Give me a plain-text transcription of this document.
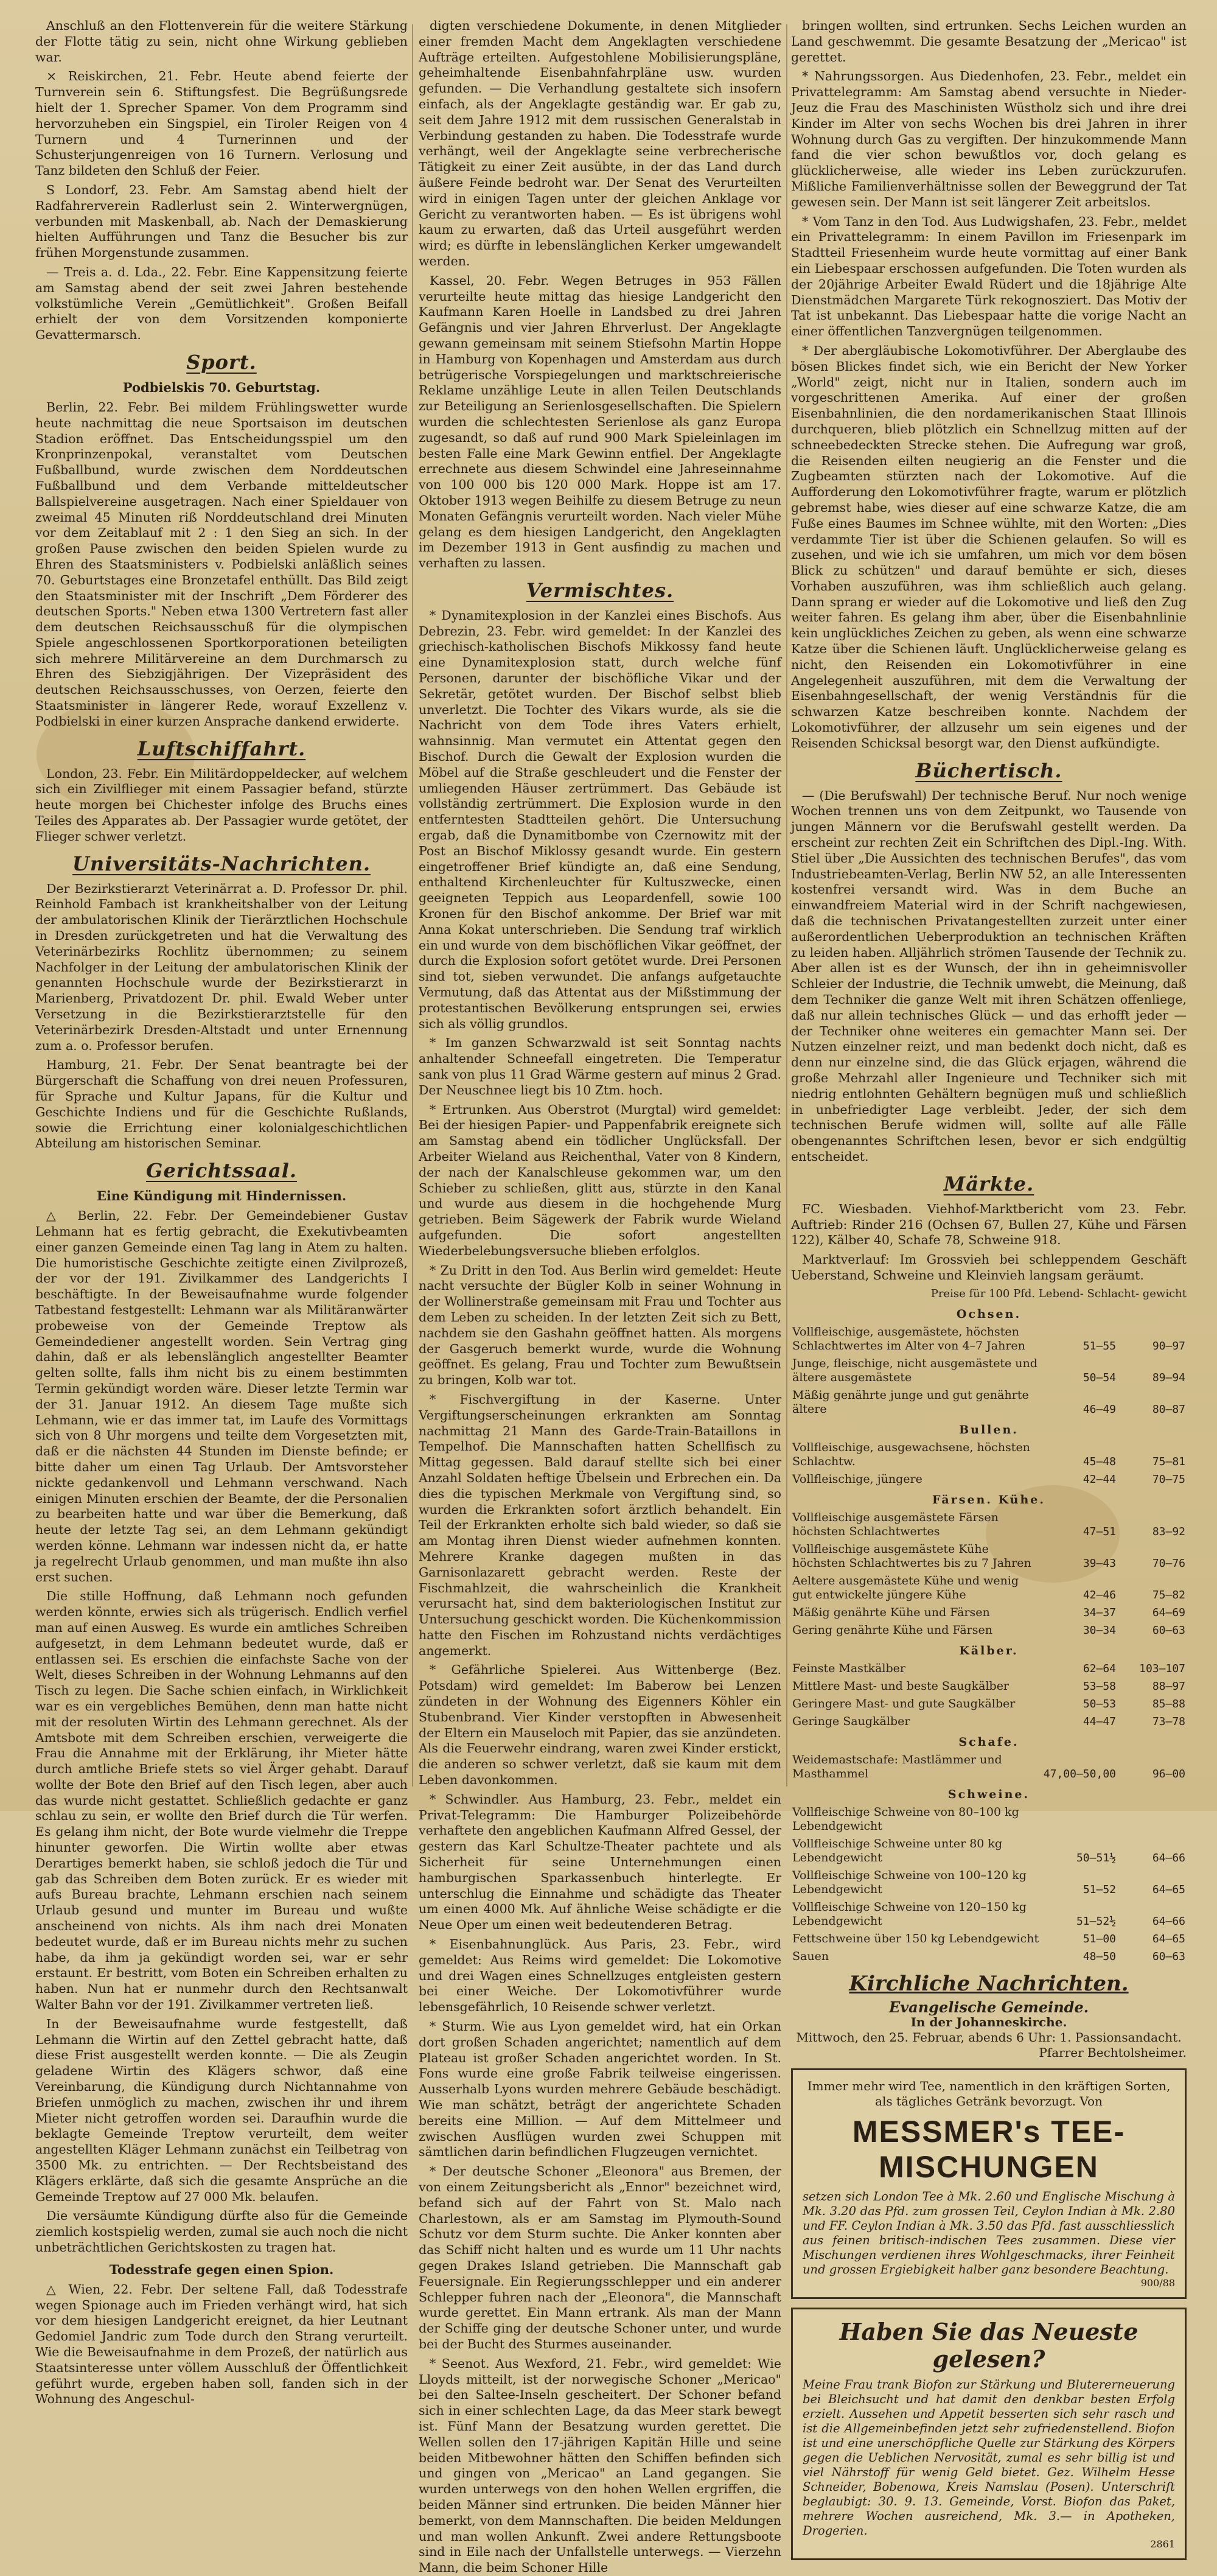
Anschluß an den Flottenverein für die weitere Stärkung der Flotte tätig zu sein, nicht ohne Wirkung geblieben war.

× Reiskirchen, 21. Febr. Heute abend feierte der Turnverein sein 6. Stiftungsfest. Die Begrüßungsrede hielt der 1. Sprecher Spamer. Von dem Programm sind hervorzuheben ein Singspiel, ein Tiroler Reigen von 4 Turnern und 4 Turnerinnen und der Schusterjungenreigen von 16 Turnern. Verlosung und Tanz bildeten den Schluß der Feier.

S Londorf, 23. Febr. Am Samstag abend hielt der Radfahrerverein Radlerlust sein 2. Winterwergnügen, verbunden mit Maskenball, ab. Nach der Demaskierung hielten Aufführungen und Tanz die Besucher bis zur frühen Morgenstunde zusammen.

— Treis a. d. Lda., 22. Febr. Eine Kappensitzung feierte am Samstag abend der seit zwei Jahren bestehende volkstümliche Verein „Gemütlichkeit". Großen Beifall erhielt der von dem Vorsitzenden komponierte Gevattermarsch.

Sport.
Podbielskis 70. Geburtstag.

Berlin, 22. Febr. Bei mildem Frühlingswetter wurde heute nachmittag die neue Sportsaison im deutschen Stadion eröffnet. Das Entscheidungsspiel um den Kronprinzenpokal, veranstaltet vom Deutschen Fußballbund, wurde zwischen dem Norddeutschen Fußballbund und dem Verbande mitteldeutscher Ballspielvereine ausgetragen. Nach einer Spieldauer von zweimal 45 Minuten riß Norddeutschland drei Minuten vor dem Zeitablauf mit 2 : 1 den Sieg an sich. In der großen Pause zwischen den beiden Spielen wurde zu Ehren des Staatsministers v. Podbielski anläßlich seines 70. Geburtstages eine Bronzetafel enthüllt. Das Bild zeigt den Staatsminister mit der Inschrift „Dem Förderer des deutschen Sports." Neben etwa 1300 Vertretern fast aller dem deutschen Reichsausschuß für die olympischen Spiele angeschlossenen Sportkorporationen beteiligten sich mehrere Militärvereine an dem Durchmarsch zu Ehren des Siebzigjährigen. Der Vizepräsident des deutschen Reichsausschusses, von Oerzen, feierte den Staatsminister in längerer Rede, worauf Exzellenz v. Podbielski in einer kurzen Ansprache dankend erwiderte.

Luftschiffahrt.

London, 23. Febr. Ein Militärdoppeldecker, auf welchem sich ein Zivilflieger mit einem Passagier befand, stürzte heute morgen bei Chichester infolge des Bruchs eines Teiles des Apparates ab. Der Passagier wurde getötet, der Flieger schwer verletzt.

Universitäts-Nachrichten.

Der Bezirkstierarzt Veterinärrat a. D. Professor Dr. phil. Reinhold Fambach ist krankheitshalber von der Leitung der ambulatorischen Klinik der Tierärztlichen Hochschule in Dresden zurückgetreten und hat die Verwaltung des Veterinärbezirks Rochlitz übernommen; zu seinem Nachfolger in der Leitung der ambulatorischen Klinik der genannten Hochschule wurde der Bezirkstierarzt in Marienberg, Privatdozent Dr. phil. Ewald Weber unter Versetzung in die Bezirkstierarztstelle für den Veterinärbezirk Dresden-Altstadt und unter Ernennung zum a. o. Professor berufen.

Hamburg, 21. Febr. Der Senat beantragte bei der Bürgerschaft die Schaffung von drei neuen Professuren, für Sprache und Kultur Japans, für die Kultur und Geschichte Indiens und für die Geschichte Rußlands, sowie die Errichtung einer kolonialgeschichtlichen Abteilung am historischen Seminar.

Gerichtssaal.
Eine Kündigung mit Hindernissen.

△ Berlin, 22. Febr. Der Gemeindebiener Gustav Lehmann hat es fertig gebracht, die Exekutivbeamten einer ganzen Gemeinde einen Tag lang in Atem zu halten. Die humoristische Geschichte zeitigte einen Zivilprozeß, der vor der 191. Zivilkammer des Landgerichts I beschäftigte. In der Beweisaufnahme wurde folgender Tatbestand festgestellt: Lehmann war als Militäranwärter probeweise von der Gemeinde Treptow als Gemeindediener angestellt worden. Sein Vertrag ging dahin, daß er als lebenslänglich angestellter Beamter gelten sollte, falls ihm nicht bis zu einem bestimmten Termin gekündigt worden wäre. Dieser letzte Termin war der 31. Januar 1912. An diesem Tage mußte sich Lehmann, wie er das immer tat, im Laufe des Vormittags sich von 8 Uhr morgens und teilte dem Vorgesetzten mit, daß er die nächsten 44 Stunden im Dienste befinde; er bitte daher um einen Tag Urlaub. Der Amtsvorsteher nickte gedankenvoll und Lehmann verschwand. Nach einigen Minuten erschien der Beamte, der die Personalien zu bearbeiten hatte und war über die Bemerkung, daß heute der letzte Tag sei, an dem Lehmann gekündigt werden könne. Lehmann war indessen nicht da, er hatte ja regelrecht Urlaub genommen, und man mußte ihn also erst suchen.

Die stille Hoffnung, daß Lehmann noch gefunden werden könnte, erwies sich als trügerisch. Endlich verfiel man auf einen Ausweg. Es wurde ein amtliches Schreiben aufgesetzt, in dem Lehmann bedeutet wurde, daß er entlassen sei. Es erschien die einfachste Sache von der Welt, dieses Schreiben in der Wohnung Lehmanns auf den Tisch zu legen. Die Sache schien einfach, in Wirklichkeit war es ein vergebliches Bemühen, denn man hatte nicht mit der resoluten Wirtin des Lehmann gerechnet. Als der Amtsbote mit dem Schreiben erschien, verweigerte die Frau die Annahme mit der Erklärung, ihr Mieter hätte durch amtliche Briefe stets so viel Ärger gehabt. Darauf wollte der Bote den Brief auf den Tisch legen, aber auch das wurde nicht gestattet. Schließlich gedachte er ganz schlau zu sein, er wollte den Brief durch die Tür werfen. Es gelang ihm nicht, der Bote wurde vielmehr die Treppe hinunter geworfen. Die Wirtin wollte aber etwas Derartiges bemerkt haben, sie schloß jedoch die Tür und gab das Schreiben dem Boten zurück. Er es wieder mit aufs Bureau brachte, Lehmann erschien nach seinem Urlaub gesund und munter im Bureau und wußte anscheinend von nichts. Als ihm nach drei Monaten bedeutet wurde, daß er im Bureau nichts mehr zu suchen habe, da ihm ja gekündigt worden sei, war er sehr erstaunt. Er bestritt, vom Boten ein Schreiben erhalten zu haben. Nun hat er nunmehr durch den Rechtsanwalt Walter Bahn vor der 191. Zivilkammer vertreten ließ.

In der Beweisaufnahme wurde festgestellt, daß Lehmann die Wirtin auf den Zettel gebracht hatte, daß diese Frist ausgestellt werden konnte. — Die als Zeugin geladene Wirtin des Klägers schwor, daß eine Vereinbarung, die Kündigung durch Nichtannahme von Briefen unmöglich zu machen, zwischen ihr und ihrem Mieter nicht getroffen worden sei. Daraufhin wurde die beklagte Gemeinde Treptow verurteilt, dem weiter angestellten Kläger Lehmann zunächst ein Teilbetrag von 3500 Mk. zu entrichten. — Der Rechtsbeistand des Klägers erklärte, daß sich die gesamte Ansprüche an die Gemeinde Treptow auf 27 000 Mk. belaufen.

Die versäumte Kündigung dürfte also für die Gemeinde ziemlich kostspielig werden, zumal sie auch noch die nicht unbeträchtlichen Gerichtskosten zu tragen hat.

Todesstrafe gegen einen Spion.

△ Wien, 22. Febr. Der seltene Fall, daß Todesstrafe wegen Spionage auch im Frieden verhängt wird, hat sich vor dem hiesigen Landgericht ereignet, da hier Leutnant Gedomiel Jandric zum Tode durch den Strang verurteilt. Wie die Beweisaufnahme in dem Prozeß, der natürlich aus Staatsinteresse unter völlem Ausschluß der Öffentlichkeit geführt wurde, ergeben haben soll, fanden sich in der Wohnung des Angeschul-

digten verschiedene Dokumente, in denen Mitglieder einer fremden Macht dem Angeklagten verschiedene Aufträge erteilten. Aufgestohlene Mobilisierungspläne, geheimhaltende Eisenbahnfahrpläne usw. wurden gefunden. — Die Verhandlung gestaltete sich insofern einfach, als der Angeklagte geständig war. Er gab zu, seit dem Jahre 1912 mit dem russischen Generalstab in Verbindung gestanden zu haben. Die Todesstrafe wurde verhängt, weil der Angeklagte seine verbrecherische Tätigkeit zu einer Zeit ausübte, in der das Land durch äußere Feinde bedroht war. Der Senat des Verurteilten wird in einigen Tagen unter der gleichen Anklage vor Gericht zu verantworten haben. — Es ist übrigens wohl kaum zu erwarten, daß das Urteil ausgeführt werden wird; es dürfte in lebenslänglichen Kerker umgewandelt werden.

Kassel, 20. Febr. Wegen Betruges in 953 Fällen verurteilte heute mittag das hiesige Landgericht den Kaufmann Karen Hoelle in Landsbed zu drei Jahren Gefängnis und vier Jahren Ehrverlust. Der Angeklagte gewann gemeinsam mit seinem Stiefsohn Martin Hoppe in Hamburg von Kopenhagen und Amsterdam aus durch betrügerische Vorspiegelungen und marktschreierische Reklame unzählige Leute in allen Teilen Deutschlands zur Beteiligung an Serienlosgesellschaften. Die Spielern wurden die schlechtesten Serienlose als ganz Europa zugesandt, so daß auf rund 900 Mark Spieleinlagen im besten Falle eine Mark Gewinn entfiel. Der Angeklagte errechnete aus diesem Schwindel eine Jahreseinnahme von 100 000 bis 120 000 Mark. Hoppe ist am 17. Oktober 1913 wegen Beihilfe zu diesem Betruge zu neun Monaten Gefängnis verurteilt worden. Nach vieler Mühe gelang es dem hiesigen Landgericht, den Angeklagten im Dezember 1913 in Gent ausfindig zu machen und verhaften zu lassen.

Vermischtes.

* Dynamitexplosion in der Kanzlei eines Bischofs. Aus Debrezin, 23. Febr. wird gemeldet: In der Kanzlei des griechisch-katholischen Bischofs Mikkossy fand heute eine Dynamitexplosion statt, durch welche fünf Personen, darunter der bischöfliche Vikar und der Sekretär, getötet wurden. Der Bischof selbst blieb unverletzt. Die Tochter des Vikars wurde, als sie die Nachricht von dem Tode ihres Vaters erhielt, wahnsinnig. Man vermutet ein Attentat gegen den Bischof. Durch die Gewalt der Explosion wurden die Möbel auf die Straße geschleudert und die Fenster der umliegenden Häuser zertrümmert. Das Gebäude ist vollständig zertrümmert. Die Explosion wurde in den entferntesten Stadtteilen gehört. Die Untersuchung ergab, daß die Dynamitbombe von Czernowitz mit der Post an Bischof Miklossy gesandt wurde. Ein gestern eingetroffener Brief kündigte an, daß eine Sendung, enthaltend Kirchenleuchter für Kultuszwecke, einen geeigneten Teppich aus Leopardenfell, sowie 100 Kronen für den Bischof ankomme. Der Brief war mit Anna Kokat unterschrieben. Die Sendung traf wirklich ein und wurde von dem bischöflichen Vikar geöffnet, der durch die Explosion sofort getötet wurde. Drei Personen sind tot, sieben verwundet. Die anfangs aufgetauchte Vermutung, daß das Attentat aus der Mißstimmung der protestantischen Bevölkerung entsprungen sei, erwies sich als völlig grundlos.

* Im ganzen Schwarzwald ist seit Sonntag nachts anhaltender Schneefall eingetreten. Die Temperatur sank von plus 11 Grad Wärme gestern auf minus 2 Grad. Der Neuschnee liegt bis 10 Ztm. hoch.

* Ertrunken. Aus Oberstrot (Murgtal) wird gemeldet: Bei der hiesigen Papier- und Pappenfabrik ereignete sich am Samstag abend ein tödlicher Unglücksfall. Der Arbeiter Wieland aus Reichenthal, Vater von 8 Kindern, der nach der Kanalschleuse gekommen war, um den Schieber zu schließen, glitt aus, stürzte in den Kanal und wurde aus diesem in die hochgehende Murg getrieben. Beim Sägewerk der Fabrik wurde Wieland aufgefunden. Die sofort angestellten Wiederbelebungsversuche blieben erfolglos.

* Zu Dritt in den Tod. Aus Berlin wird gemeldet: Heute nacht versuchte der Bügler Kolb in seiner Wohnung in der Wollinerstraße gemeinsam mit Frau und Tochter aus dem Leben zu scheiden. In der letzten Zeit sich zu Bett, nachdem sie den Gashahn geöffnet hatten. Als morgens der Gasgeruch bemerkt wurde, wurde die Wohnung geöffnet. Es gelang, Frau und Tochter zum Bewußtsein zu bringen, Kolb war tot.

* Fischvergiftung in der Kaserne. Unter Vergiftungserscheinungen erkrankten am Sonntag nachmittag 21 Mann des Garde-Train-Bataillons in Tempelhof. Die Mannschaften hatten Schellfisch zu Mittag gegessen. Bald darauf stellte sich bei einer Anzahl Soldaten heftige Übelsein und Erbrechen ein. Da dies die typischen Merkmale von Vergiftung sind, so wurden die Erkrankten sofort ärztlich behandelt. Ein Teil der Erkrankten erholte sich bald wieder, so daß sie am Montag ihren Dienst wieder aufnehmen konnten. Mehrere Kranke dagegen mußten in das Garnisonlazarett gebracht werden. Reste der Fischmahlzeit, die wahrscheinlich die Krankheit verursacht hat, sind dem bakteriologischen Institut zur Untersuchung geschickt worden. Die Küchenkommission hatte den Fischen im Rohzustand nichts verdächtiges angemerkt.

* Gefährliche Spielerei. Aus Wittenberge (Bez. Potsdam) wird gemeldet: Im Baberow bei Lenzen zündeten in der Wohnung des Eigenners Köhler ein Stubenbrand. Vier Kinder verstopften in Abwesenheit der Eltern ein Mauseloch mit Papier, das sie anzündeten. Als die Feuerwehr eindrang, waren zwei Kinder erstickt, die anderen so schwer verletzt, daß sie kaum mit dem Leben davonkommen.

* Schwindler. Aus Hamburg, 23. Febr., meldet ein Privat-Telegramm: Die Hamburger Polizeibehörde verhaftete den angeblichen Kaufmann Alfred Gessel, der gestern das Karl Schultze-Theater pachtete und als Sicherheit für seine Unternehmungen einen hamburgischen Sparkassenbuch hinterlegte. Er unterschlug die Einnahme und schädigte das Theater um einen 4000 Mk. Auf ähnliche Weise schädigte er die Neue Oper um einen weit bedeutenderen Betrag.

* Eisenbahnunglück. Aus Paris, 23. Febr., wird gemeldet: Aus Reims wird gemeldet: Die Lokomotive und drei Wagen eines Schnellzuges entgleisten gestern bei einer Weiche. Der Lokomotivführer wurde lebensgefährlich, 10 Reisende schwer verletzt.

* Sturm. Wie aus Lyon gemeldet wird, hat ein Orkan dort großen Schaden angerichtet; namentlich auf dem Plateau ist großer Schaden angerichtet worden. In St. Fons wurde eine große Fabrik teilweise eingerissen. Ausserhalb Lyons wurden mehrere Gebäude beschädigt. Wie man schätzt, beträgt der angerichtete Schaden bereits eine Million. — Auf dem Mittelmeer und zwischen Ausflügen wurden zwei Schuppen mit sämtlichen darin befindlichen Flugzeugen vernichtet.

* Der deutsche Schoner „Eleonora" aus Bremen, der von einem Zeitungsbericht als „Ennor" bezeichnet wird, befand sich auf der Fahrt von St. Malo nach Charlestown, als er am Samstag im Plymouth-Sound Schutz vor dem Sturm suchte. Die Anker konnten aber das Schiff nicht halten und es wurde um 11 Uhr nachts gegen Drakes Island getrieben. Die Mannschaft gab Feuersignale. Ein Regierungsschlepper und ein anderer Schlepper fuhren nach der „Eleonora", die Mannschaft wurde gerettet. Ein Mann ertrank. Als man der Mann der Schiffe ging der deutsche Schoner unter, und wurde bei der Bucht des Sturmes auseinander.

* Seenot. Aus Wexford, 21. Febr., wird gemeldet: Wie Lloyds mitteilt, ist der norwegische Schoner „Mericao" bei den Saltee-Inseln gescheitert. Der Schoner befand sich in einer schlechten Lage, da das Meer stark bewegt ist. Fünf Mann der Besatzung wurden gerettet. Die Wellen sollen den 17-jährigen Kapitän Hille und seine beiden Mitbewohner hätten den Schiffen befinden sich und gingen von „Mericao" an Land gegangen. Sie wurden unterwegs von den hohen Wellen ergriffen, die beiden Männer sind ertrunken. Die beiden Männer hier bemerkt, von dem Mannschaften. Die beiden Meldungen und man wollen Ankunft. Zwei andere Rettungsboote sind in Eile nach der Unfallstelle unterwegs. — Vierzehn Mann, die beim Schoner Hille

bringen wollten, sind ertrunken. Sechs Leichen wurden an Land geschwemmt. Die gesamte Besatzung der „Mericao" ist gerettet.

* Nahrungssorgen. Aus Diedenhofen, 23. Febr., meldet ein Privattelegramm: Am Samstag abend versuchte in Nieder-Jeuz die Frau des Maschinisten Wüstholz sich und ihre drei Kinder im Alter von sechs Wochen bis drei Jahren in ihrer Wohnung durch Gas zu vergiften. Der hinzukommende Mann fand die vier schon bewußtlos vor, doch gelang es glücklicherweise, alle wieder ins Leben zurückzurufen. Mißliche Familienverhältnisse sollen der Beweggrund der Tat gewesen sein. Der Mann ist seit längerer Zeit arbeitslos.

* Vom Tanz in den Tod. Aus Ludwigshafen, 23. Febr., meldet ein Privattelegramm: In einem Pavillon im Friesenpark im Stadtteil Friesenheim wurde heute vormittag auf einer Bank ein Liebespaar erschossen aufgefunden. Die Toten wurden als der 20jährige Arbeiter Ewald Rüdert und die 18jährige Alte Dienstmädchen Margarete Türk rekognosziert. Das Motiv der Tat ist unbekannt. Das Liebespaar hatte die vorige Nacht an einer öffentlichen Tanzvergnügen teilgenommen.

* Der abergläubische Lokomotivführer. Der Aberglaube des bösen Blickes findet sich, wie ein Bericht der New Yorker „World" zeigt, nicht nur in Italien, sondern auch im vorgeschrittenen Amerika. Auf einer der großen Eisenbahnlinien, die den nordamerikanischen Staat Illinois durchqueren, blieb plötzlich ein Schnellzug mitten auf der schneebedeckten Strecke stehen. Die Aufregung war groß, die Reisenden eilten neugierig an die Fenster und die Zugbeamten stürzten nach der Lokomotive. Auf die Aufforderung den Lokomotivführer fragte, warum er plötzlich gebremst habe, wies dieser auf eine schwarze Katze, die am Fuße eines Baumes im Schnee wühlte, mit den Worten: „Dies verdammte Tier ist über die Schienen gelaufen. So will es zusehen, und wie ich sie umfahren, um mich vor dem bösen Blick zu schützen" und darauf bemühte er sich, dieses Vorhaben auszuführen, was ihm schließlich auch gelang. Dann sprang er wieder auf die Lokomotive und ließ den Zug weiter fahren. Es gelang ihm aber, über die Eisenbahnlinie kein unglückliches Zeichen zu geben, als wenn eine schwarze Katze über die Schienen läuft. Unglücklicherweise gelang es nicht, den Reisenden ein Lokomotivführer in eine Angelegenheit auszuführen, mit dem die Verwaltung der Eisenbahngesellschaft, der wenig Verständnis für die schwarzen Katze beschreiben konnte. Nachdem der Lokomotivführer, der allzusehr um sein eigenes und der Reisenden Schicksal besorgt war, den Dienst aufkündigte.

Büchertisch.

— (Die Berufswahl) Der technische Beruf. Nur noch wenige Wochen trennen uns von dem Zeitpunkt, wo Tausende von jungen Männern vor die Berufswahl gestellt werden. Da erscheint zur rechten Zeit ein Schriftchen des Dipl.-Ing. With. Stiel über „Die Aussichten des technischen Berufes", das vom Industriebeamten-Verlag, Berlin NW 52, an alle Interessenten kostenfrei versandt wird. Was in dem Buche an einwandfreiem Material wird in der Schrift nachgewiesen, daß die technischen Privatangestellten zurzeit unter einer außerordentlichen Ueberproduktion an technischen Kräften zu leiden haben. Alljährlich strömen Tausende der Technik zu. Aber allen ist es der Wunsch, der ihn in geheimnisvoller Schleier der Industrie, die Technik umwebt, die Meinung, daß dem Techniker die ganze Welt mit ihren Schätzen offenliege, daß nur allein technisches Glück — und das erhofft jeder — der Techniker ohne weiteres ein gemachter Mann sei. Der Nutzen einzelner reizt, und man bedenkt doch nicht, daß es denn nur einzelne sind, die das Glück erjagen, während die große Mehrzahl aller Ingenieure und Techniker sich mit niedrig entlohnten Gehältern begnügen muß und schließlich in unbefriedigter Lage verbleibt. Jeder, der sich dem technischen Berufe widmen will, sollte auf alle Fälle obengenanntes Schriftchen lesen, bevor er sich endgültig entscheidet.

Märkte.

FC. Wiesbaden. Viehhof-Marktbericht vom 23. Febr. Auftrieb: Rinder 216 (Ochsen 67, Bullen 27, Kühe und Färsen 122), Kälber 40, Schafe 78, Schweine 918.

Marktverlauf: Im Grossvieh bei schleppendem Geschäft Ueberstand, Schweine und Kleinvieh langsam geräumt.

Preise für 100 Pfd. Lebend- Schlacht- gewicht
Ochsen.		
Vollfleischige, ausgemästete, höchsten Schlachtwertes im Alter von 4–7 Jahren	51–55	90–97
Junge, fleischige, nicht ausgemästete und ältere ausgemästete	50–54	89–94
Mäßig genährte junge und gut genährte ältere	46–49	80–87
Bullen.		
Vollfleischige, ausgewachsene, höchsten Schlachtw.	45–48	75–81
Vollfleischige, jüngere	42–44	70–75
Färsen. Kühe.		
Vollfleischige ausgemästete Färsen höchsten Schlachtwertes	47–51	83–92
Vollfleischige ausgemästete Kühe höchsten Schlachtwertes bis zu 7 Jahren	39–43	70–76
Aeltere ausgemästete Kühe und wenig gut entwickelte jüngere Kühe	42–46	75–82
Mäßig genährte Kühe und Färsen	34–37	64–69
Gering genährte Kühe und Färsen	30–34	60–63
Kälber.		
Feinste Mastkälber	62–64	103–107
Mittlere Mast- und beste Saugkälber	53–58	88–97
Geringere Mast- und gute Saugkälber	50–53	85–88
Geringe Saugkälber	44–47	73–78
Schafe.		
Weidemastschafe: Mastlämmer und Masthammel	47,00–50,00	96–00
Schweine.		
Vollfleischige Schweine von 80–100 kg Lebendgewicht		
Vollfleischige Schweine unter 80 kg Lebendgewicht	50–51½	64–66
Vollfleischige Schweine von 100–120 kg Lebendgewicht	51–52	64–65
Vollfleischige Schweine von 120–150 kg Lebendgewicht	51–52½	64–66
Fettschweine über 150 kg Lebendgewicht	51–00	64–65
Sauen	48–50	60–63
Kirchliche Nachrichten.
Evangelische Gemeinde.
In der Johanneskirche.
Mittwoch, den 25. Februar, abends 6 Uhr: 1. Passionsandacht.
Pfarrer Bechtolsheimer.
Immer mehr wird Tee, namentlich in den kräftigen Sorten, als tägliches Getränk bevorzugt. Von
MESSMER's TEE-MISCHUNGEN
setzen sich London Tee à Mk. 2.60 und Englische Mischung à Mk. 3.20 das Pfd. zum grossen Teil, Ceylon Indian à Mk. 2.80 und FF. Ceylon Indian à Mk. 3.50 das Pfd. fast ausschliesslich aus feinen britisch-indischen Tees zusammen. Diese vier Mischungen verdienen ihres Wohlgeschmacks, ihrer Feinheit und grossen Ergiebigkeit halber ganz besondere Beachtung.
900/88
Haben Sie das Neueste gelesen?
Meine Frau trank Biofon zur Stärkung und Blutererneuerung bei Bleichsucht und hat damit den denkbar besten Erfolg erzielt. Aussehen und Appetit besserten sich sehr rasch und ist die Allgemeinbefinden jetzt sehr zufriedenstellend. Biofon ist und eine unerschöpfliche Quelle zur Stärkung des Körpers gegen die Ueblichen Nervosität, zumal es sehr billig ist und viel Nährstoff für wenig Geld bietet. Gez. Wilhelm Hesse Schneider, Bobenowa, Kreis Namslau (Posen). Unterschrift beglaubigt: 30. 9. 13. Gemeinde, Vorst. Biofon das Paket, mehrere Wochen ausreichend, Mk. 3.— in Apotheken, Drogerien.
2861
